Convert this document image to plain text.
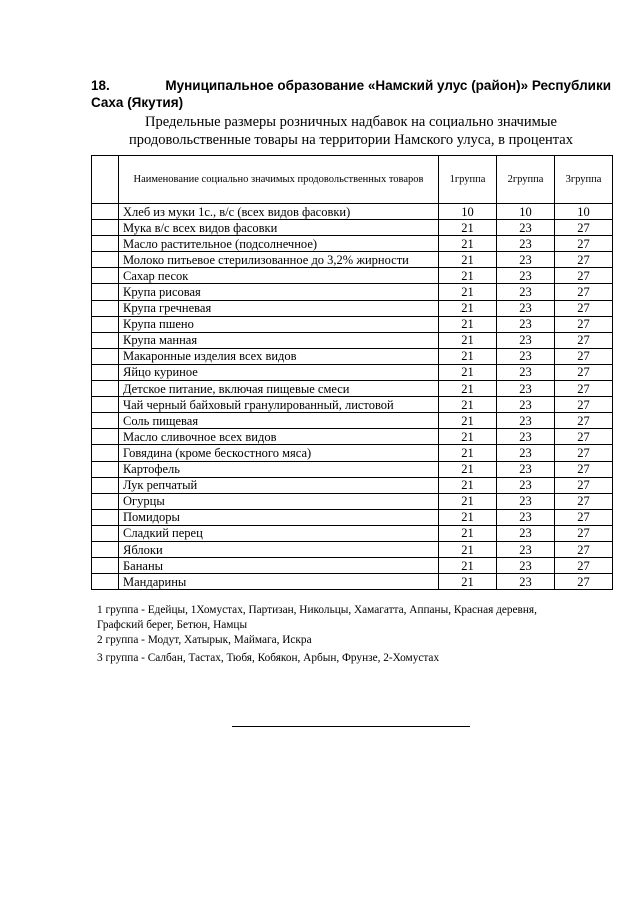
18.	Муниципальное образование «Намский улус (район)» Республики
Саха (Якутия)
Предельные размеры розничных надбавок на социально значимые
продовольственные товары на территории Намского улуса, в процентах
	Наименование социально значимых продовольственных товаров	1группа	2группа	3группа
	Хлеб из муки 1с., в/с (всех видов фасовки)	10	10	10
	Мука в/с всех видов фасовки	21	23	27
	Масло растительное (подсолнечное)	21	23	27
	Молоко питьевое стерилизованное до 3,2% жирности	21	23	27
	Сахар песок	21	23	27
	Крупа рисовая	21	23	27
	Крупа гречневая	21	23	27
	Крупа пшено	21	23	27
	Крупа манная	21	23	27
	Макаронные изделия всех видов	21	23	27
	Яйцо куриное	21	23	27
	Детское питание, включая пищевые смеси	21	23	27
	Чай черный байховый гранулированный, листовой	21	23	27
	Соль пищевая	21	23	27
	Масло сливочное всех видов	21	23	27
	Говядина (кроме бескостного мяса)	21	23	27
	Картофель	21	23	27
	Лук репчатый	21	23	27
	Огурцы	21	23	27
	Помидоры	21	23	27
	Сладкий перец	21	23	27
	Яблоки	21	23	27
	Бананы	21	23	27
	Мандарины	21	23	27

1 группа - Едейцы, 1Хомустах, Партизан, Никольцы, Хамагатта, Аппаны, Красная деревня,

Графский берег, Бетюн, Намцы

2 группа - Модут, Хатырык, Маймага, Искра

3 группа - Салбан, Тастах, Тюбя, Кобякон, Арбын, Фрунзе, 2-Хомустах
